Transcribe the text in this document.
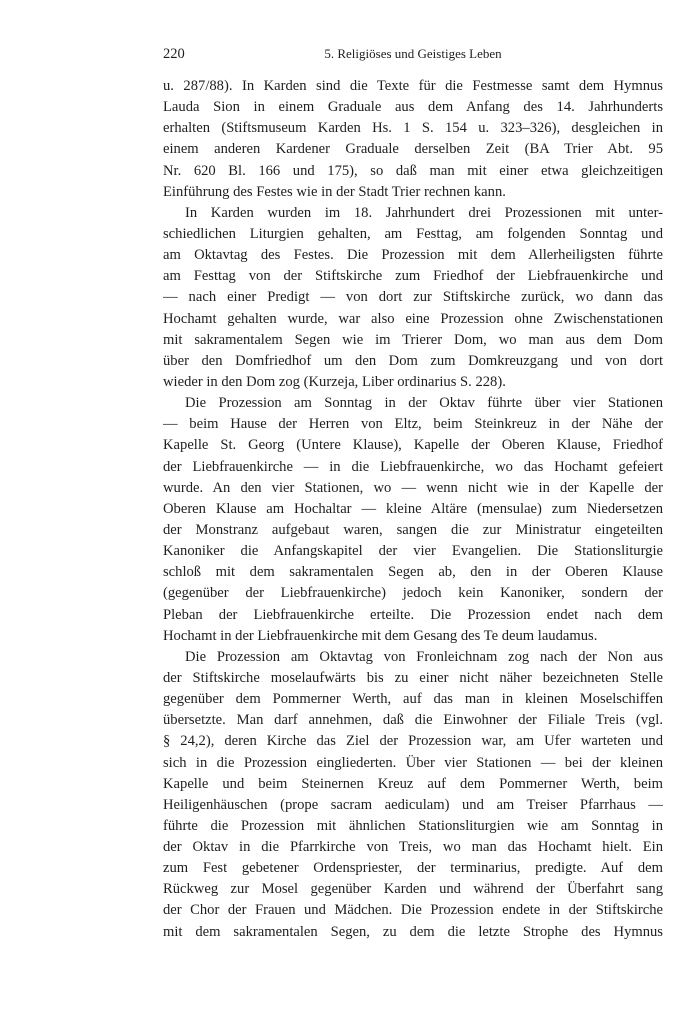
220	5. Religiöses und Geistiges Leben
u. 287/88). In Karden sind die Texte für die Festmesse samt dem Hymnus
Lauda Sion in einem Graduale aus dem Anfang des 14. Jahrhunderts
erhalten (Stiftsmuseum Karden Hs. 1 S. 154 u. 323–326), desgleichen in
einem anderen Kardener Graduale derselben Zeit (BA Trier Abt. 95
Nr. 620 Bl. 166 und 175), so daß man mit einer etwa gleichzeitigen
Einführung des Festes wie in der Stadt Trier rechnen kann.
In Karden wurden im 18. Jahrhundert drei Prozessionen mit unter-
schiedlichen Liturgien gehalten, am Festtag, am folgenden Sonntag und
am Oktavtag des Festes. Die Prozession mit dem Allerheiligsten führte
am Festtag von der Stiftskirche zum Friedhof der Liebfrauenkirche und
— nach einer Predigt — von dort zur Stiftskirche zurück, wo dann das
Hochamt gehalten wurde, war also eine Prozession ohne Zwischenstationen
mit sakramentalem Segen wie im Trierer Dom, wo man aus dem Dom
über den Domfriedhof um den Dom zum Domkreuzgang und von dort
wieder in den Dom zog (Kurzeja, Liber ordinarius S. 228).
Die Prozession am Sonntag in der Oktav führte über vier Stationen
— beim Hause der Herren von Eltz, beim Steinkreuz in der Nähe der
Kapelle St. Georg (Untere Klause), Kapelle der Oberen Klause, Friedhof
der Liebfrauenkirche — in die Liebfrauenkirche, wo das Hochamt gefeiert
wurde. An den vier Stationen, wo — wenn nicht wie in der Kapelle der
Oberen Klause am Hochaltar — kleine Altäre (mensulae) zum Niedersetzen
der Monstranz aufgebaut waren, sangen die zur Ministratur eingeteilten
Kanoniker die Anfangskapitel der vier Evangelien. Die Stationsliturgie
schloß mit dem sakramentalen Segen ab, den in der Oberen Klause
(gegenüber der Liebfrauenkirche) jedoch kein Kanoniker, sondern der
Pleban der Liebfrauenkirche erteilte. Die Prozession endet nach dem
Hochamt in der Liebfrauenkirche mit dem Gesang des Te deum laudamus.
Die Prozession am Oktavtag von Fronleichnam zog nach der Non aus
der Stiftskirche moselaufwärts bis zu einer nicht näher bezeichneten Stelle
gegenüber dem Pommerner Werth, auf das man in kleinen Moselschiffen
übersetzte. Man darf annehmen, daß die Einwohner der Filiale Treis (vgl.
§ 24,2), deren Kirche das Ziel der Prozession war, am Ufer warteten und
sich in die Prozession eingliederten. Über vier Stationen — bei der kleinen
Kapelle und beim Steinernen Kreuz auf dem Pommerner Werth, beim
Heiligenhäuschen (prope sacram aediculam) und am Treiser Pfarrhaus —
führte die Prozession mit ähnlichen Stationsliturgien wie am Sonntag in
der Oktav in die Pfarrkirche von Treis, wo man das Hochamt hielt. Ein
zum Fest gebetener Ordenspriester, der terminarius, predigte. Auf dem
Rückweg zur Mosel gegenüber Karden und während der Überfahrt sang
der Chor der Frauen und Mädchen. Die Prozession endete in der Stiftskirche
mit dem sakramentalen Segen, zu dem die letzte Strophe des Hymnus
